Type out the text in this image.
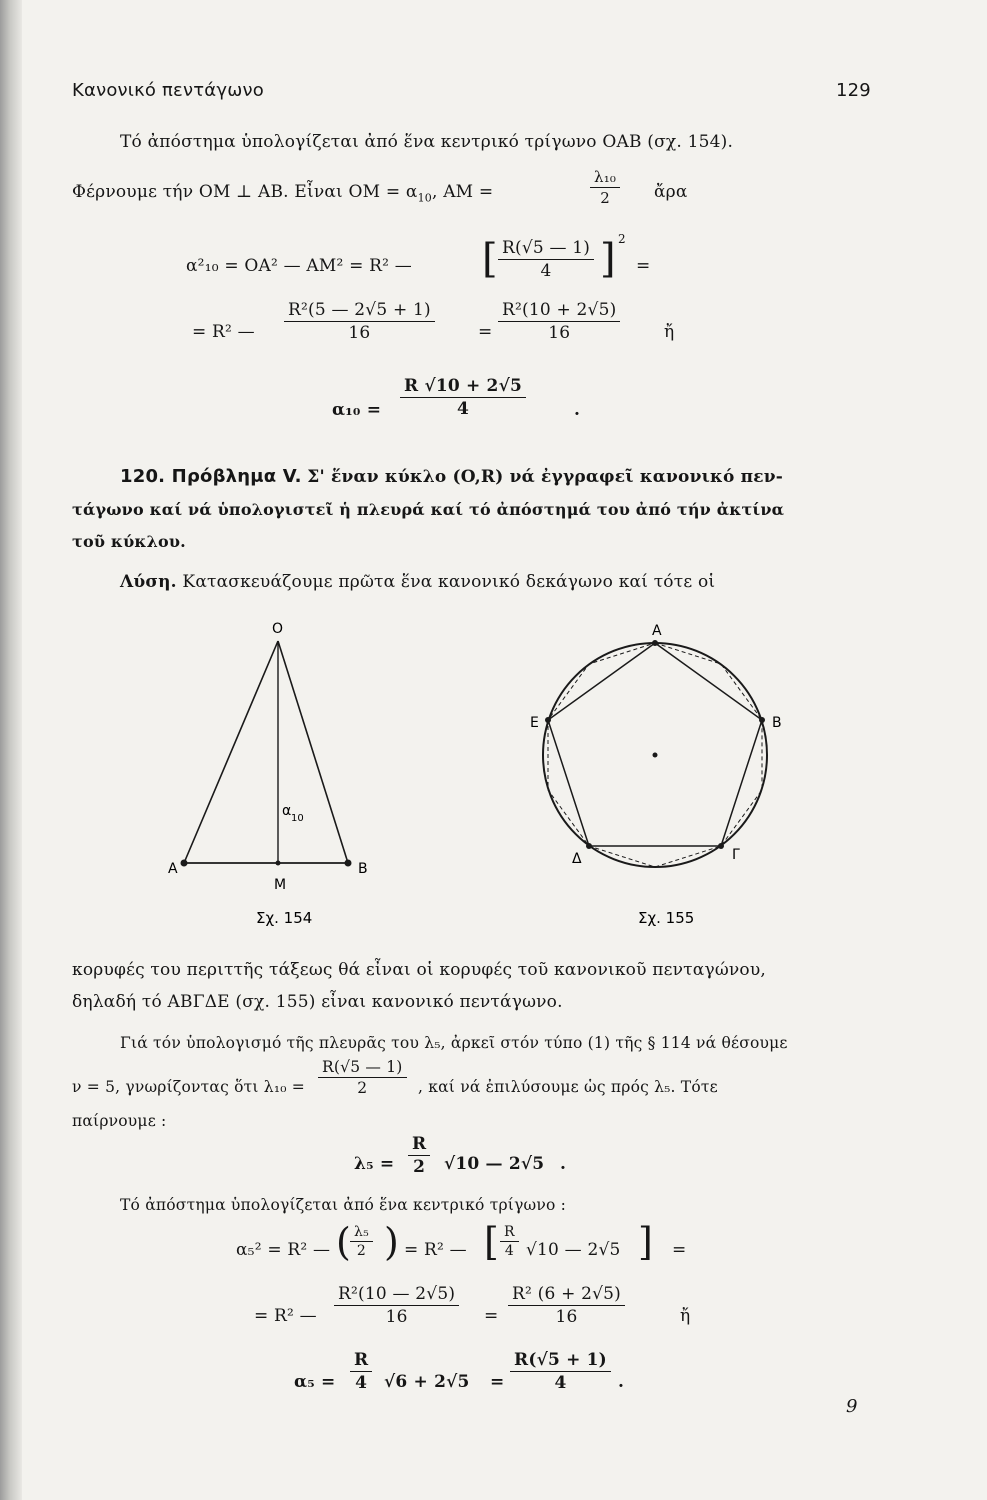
Κανονικό πεντάγωνο	129
Τό ἀπόστημα ὑπολογίζεται ἀπό ἕνα κεντρικό τρίγωνο ΟΑΒ (σχ. 154).
Φέρνουμε τήν ΟΜ ⊥ ΑΒ. Εἶναι $OM = \alpha_{10}$, ΑΜ =	$\frac{\text{λ₁₀}}{2}$ ἄρα
α²₁₀ = ΟΑ² — ΑΜ² = R² — [ $\frac{R(√5 — 1)}{4}$ ] 2
=
= R² — $\frac{\text{R²(5 — 2√5 + 1)}}{16}$	= $\frac{\text{R²(10 + 2√5)}}{16}$	ἤ
$\alpha_{10} = \frac{R √10 + 2√5}{4}$	.
120. Πρόβλημα V. Σ' ἕναν κύκλο (O,R) νά ἐγγραφεῖ κανονικό πεν-
τάγωνο καί νά ὑπολογιστεῖ ἡ πλευρά καί τό ἀπόστημά του ἀπό τήν ἀκτίνα
τοῦ κύκλου.
Λύση. Κατασκευάζουμε πρῶτα ἕνα κανονικό δεκάγωνο καί τότε οἱ
O
A	B
M
α 10
Σχ. 154
A
B
Γ
Δ
E
Σχ. 155
κορυφές του περιττῆς τάξεως θά εἶναι οἱ κορυφές τοῦ κανονικοῦ πενταγώνου,
δηλαδή τό ΑΒΓΔΕ (σχ. 155) εἶναι κανονικό πεντάγωνο.
Γιά τόν ὑπολογισμό τῆς πλευρᾶς του λ₅, ἀρκεῖ στόν τύπο (1) τῆς § 114 νά θέσουμε
ν = 5, γνωρίζοντας ὅτι $\lambda_{10} = \frac{R(√5 — 1)}{2}$ , καί νά ἐπιλύσουμε ὡς πρός λ₅. Τότε
παίρνουμε :
$\lambda_5 = \frac{R}{2} √10$ — 2√5 .
Τό ἀπόστημα ὑπολογίζεται ἀπό ἕνα κεντρικό τρίγωνο :
α₅² = R² — ( $\frac{\text{λ₅}}{2}$ ) = R² — [ $\frac{R}{4} √10$ — 2√5 ] =
= R² — $\frac{\text{R²(10 — 2√5)}}{16} = \frac{\text{R² (6 + 2√5)}}{16}$	ἤ
$\alpha_5 = \frac{R}{4} √6 + 2√5 = \frac{R(√5 + 1)}{4}$ .
9
